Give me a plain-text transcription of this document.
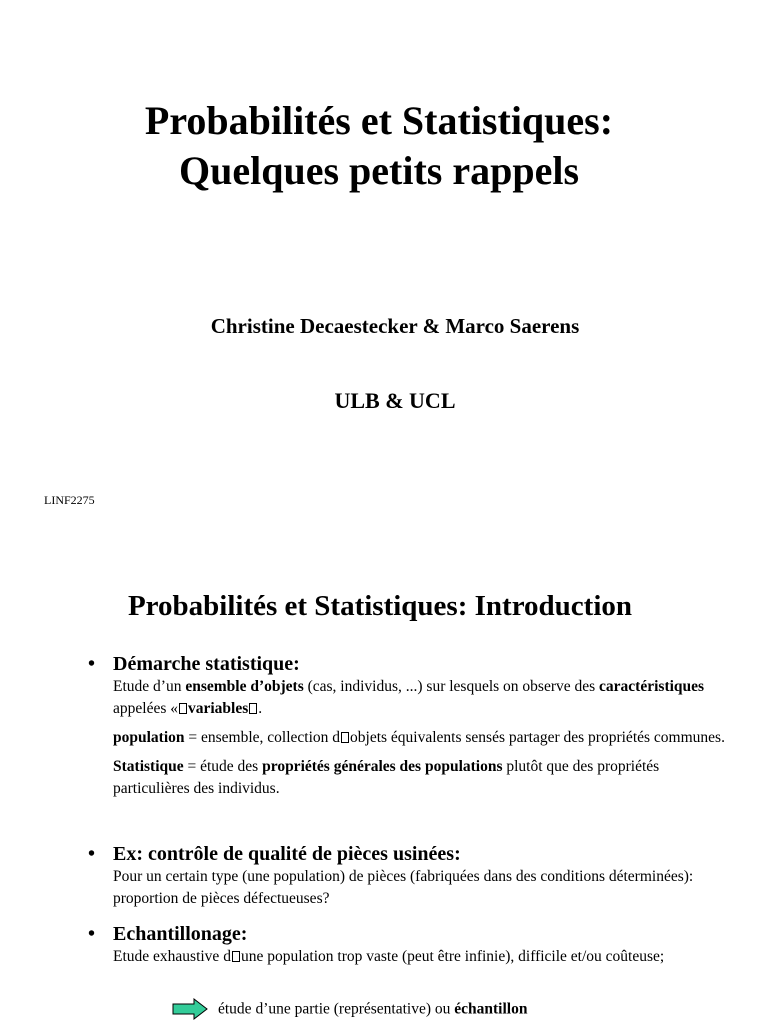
Probabilités et Statistiques:
Quelques petits rappels
Christine Decaestecker & Marco Saerens
ULB & UCL
LINF2275
Probabilités et Statistiques: Introduction
• Démarche statistique:

Etude d’un ensemble d’objets (cas, individus, ...) sur lesquels on observe des caractéristiques appelées « variables .

population = ensemble, collection d objets équivalents sensés partager des propriétés communes.

Statistique = étude des propriétés générales des populations plutôt que des propriétés particulières des individus.

• Ex: contrôle de qualité de pièces usinées:

Pour un certain type (une population) de pièces (fabriquées dans des conditions déterminées): proportion de pièces défectueuses?

• Echantillonage:

Etude exhaustive d une population trop vaste (peut être infinie), difficile et/ou coûteuse;

étude d’une partie (représentative) ou échantillon
